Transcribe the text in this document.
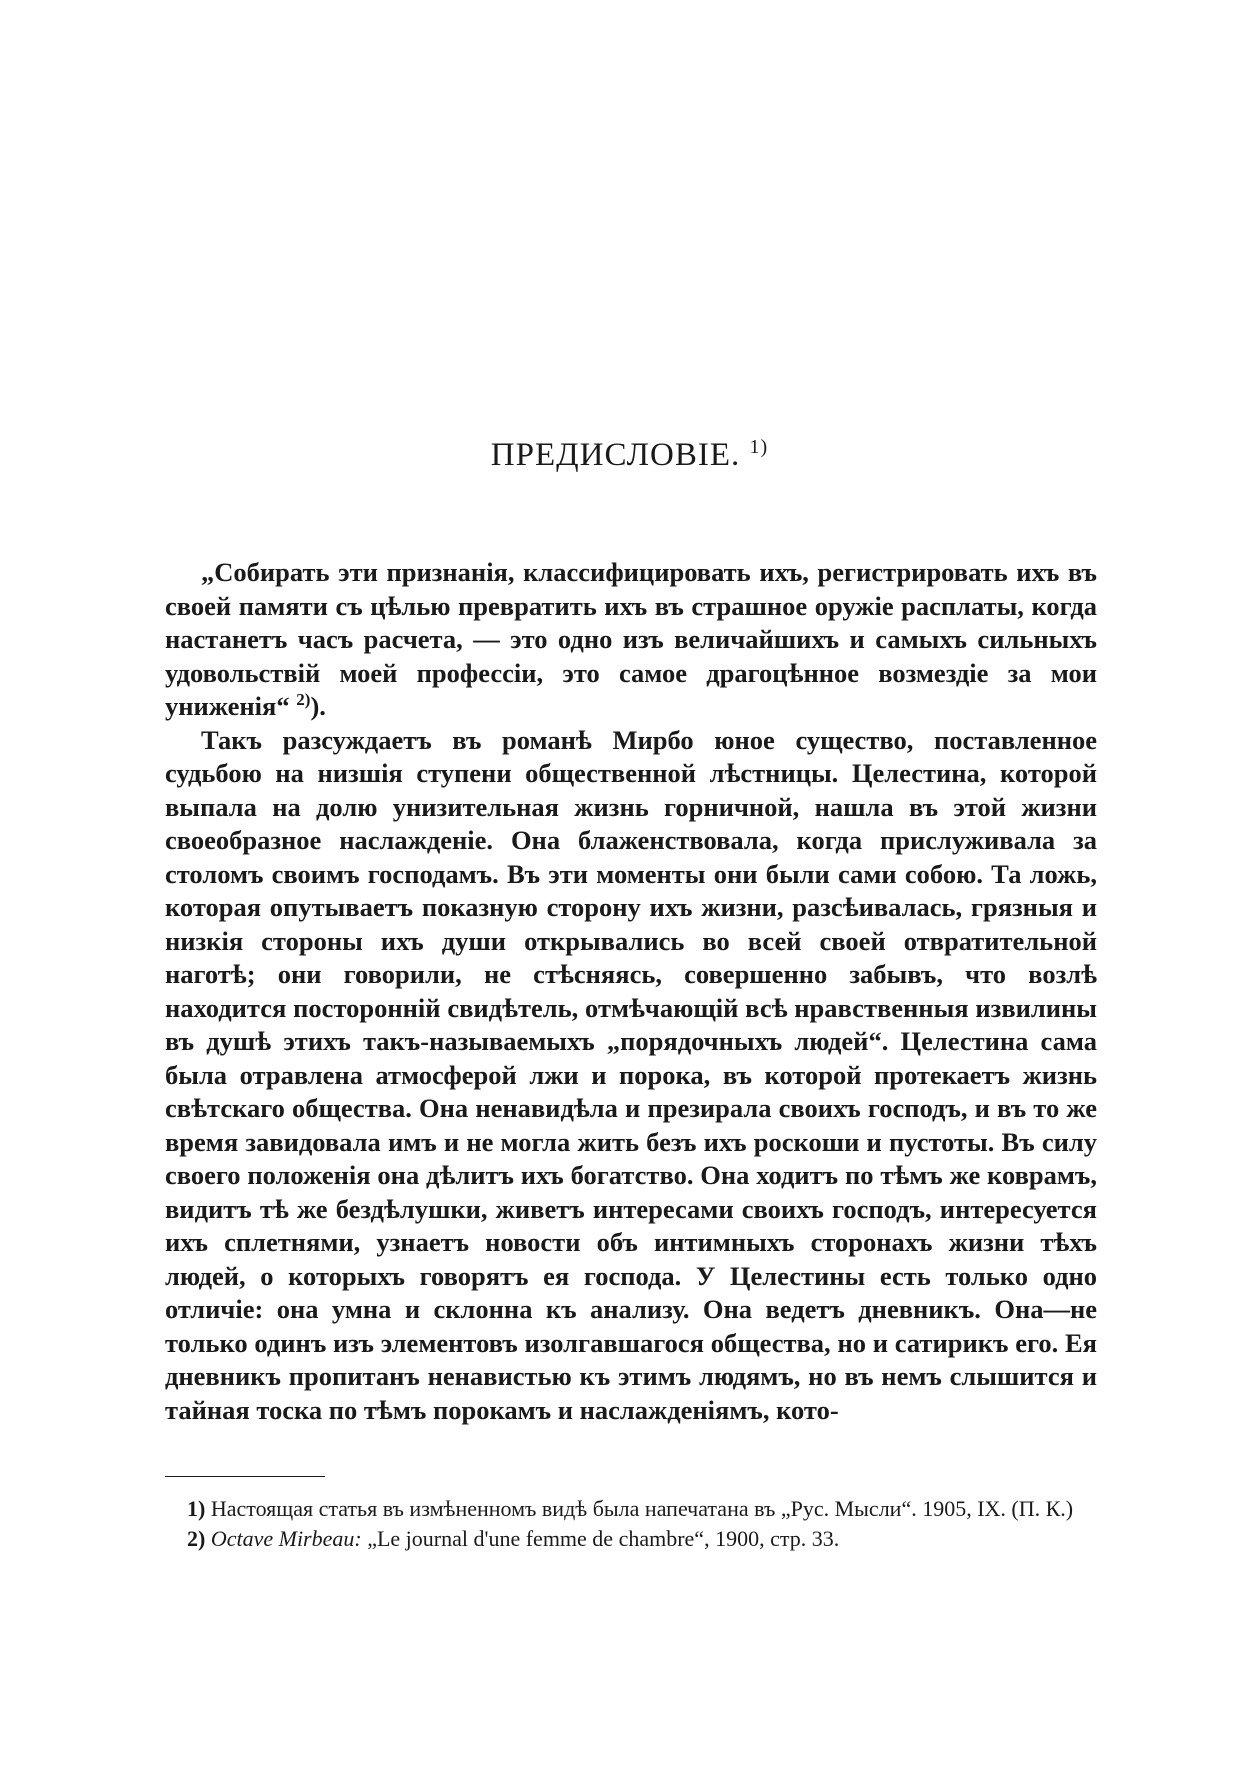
ПРЕДИСЛОВІЕ. $^{1)}$

„Собирать эти признанія, классифицировать ихъ, регистрировать ихъ въ своей памяти съ цѣлью превратить ихъ въ страшное оружіе расплаты, когда настанетъ часъ расчета, — это одно изъ величайшихъ и самыхъ сильныхъ удовольствій моей профессіи, это самое драгоцѣнное возмездіе за мои униженія“ $^{2)}$).

Такъ разсуждаетъ въ романѣ Мирбо юное существо, поставленное судьбою на низшія ступени общественной лѣстницы. Целестина, которой выпала на долю унизительная жизнь горничной, нашла въ этой жизни своеобразное наслажденіе. Она блаженствовала, когда прислуживала за столомъ своимъ господамъ. Въ эти моменты они были сами собою. Та ложь, которая опутываетъ показную сторону ихъ жизни, разсѣивалась, грязныя и низкія стороны ихъ души открывались во всей своей отвратительной наготѣ; они говорили, не стѣсняясь, совершенно забывъ, что возлѣ находится посторонній свидѣтель, отмѣчающій всѣ нравственныя извилины въ душѣ этихъ такъ-называемыхъ „порядочныхъ людей“. Целестина сама была отравлена атмосферой лжи и порока, въ которой протекаетъ жизнь свѣтскаго общества. Она ненавидѣла и презирала своихъ господъ, и въ то же время завидовала имъ и не могла жить безъ ихъ роскоши и пустоты. Въ силу своего положенія она дѣлитъ ихъ богатство. Она ходитъ по тѣмъ же коврамъ, видитъ тѣ же бездѣлушки, живетъ интересами своихъ господъ, интересуется ихъ сплетнями, узнаетъ новости объ интимныхъ сторонахъ жизни тѣхъ людей, о которыхъ говорятъ ея господа. У Целестины есть только одно отличіе: она умна и склонна къ анализу. Она ведетъ дневникъ. Она—не только одинъ изъ элементовъ изолгавшагося общества, но и сатирикъ его. Ея дневникъ пропитанъ ненавистью къ этимъ людямъ, но въ немъ слышится и тайная тоска по тѣмъ порокамъ и наслажденіямъ, кото-

1) Настоящая статья въ измѣненномъ видѣ была напечатана въ „Рус. Мысли“. 1905, IX. (П. К.)

2) Octave Mirbeau: „Le journal d'une femme de chambre“, 1900, стр. 33.
